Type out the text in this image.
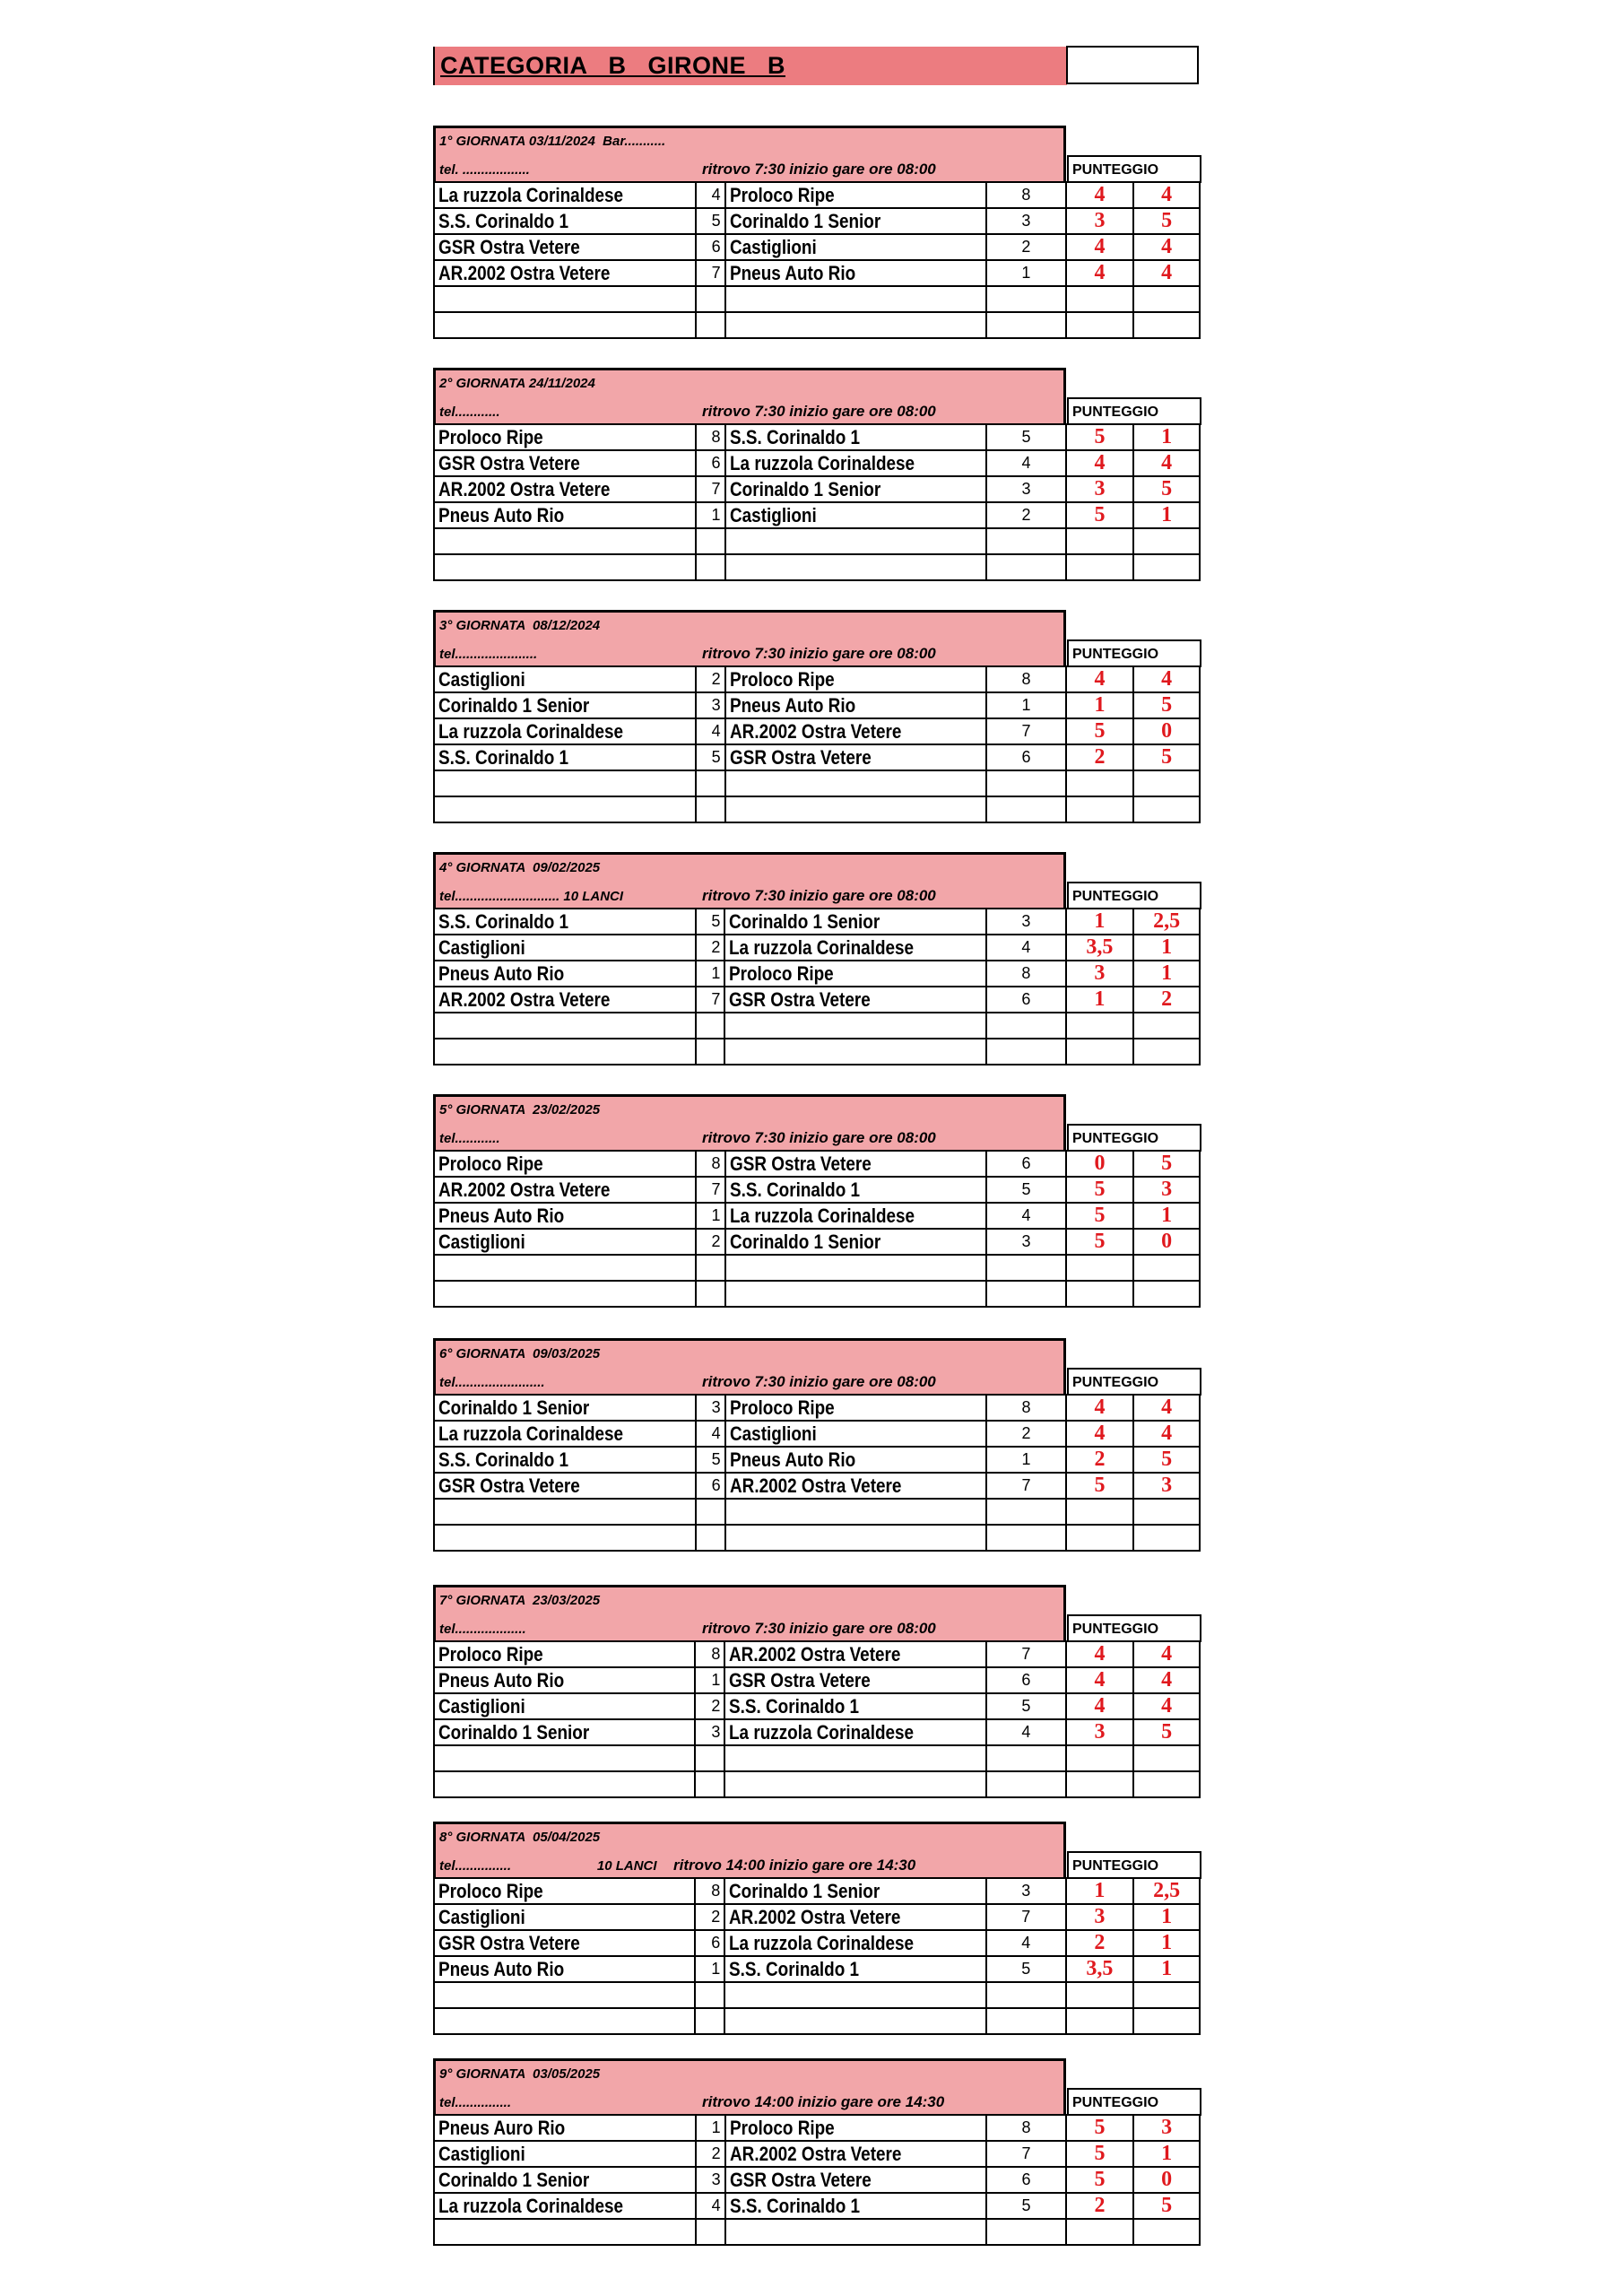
CATEGORIA   B   GIRONE   B
1° GIORNATA 03/11/2024  Bar...........
tel. ..................	ritrovo 7:30 inizio gare ore 08:00	PUNTEGGIO
La ruzzola Corinaldese	4	Proloco Ripe	8	4	4
S.S. Corinaldo 1	5	Corinaldo 1 Senior	3	3	5
GSR Ostra Vetere	6	Castiglioni	2	4	4
AR.2002 Ostra Vetere	7	Pneus Auto Rio	1	4	4

2° GIORNATA 24/11/2024
tel............	ritrovo 7:30 inizio gare ore 08:00	PUNTEGGIO
Proloco Ripe	8	S.S. Corinaldo 1	5	5	1
GSR Ostra Vetere	6	La ruzzola Corinaldese	4	4	4
AR.2002 Ostra Vetere	7	Corinaldo 1 Senior	3	3	5
Pneus Auto Rio	1	Castiglioni	2	5	1

3° GIORNATA  08/12/2024
tel......................	ritrovo 7:30 inizio gare ore 08:00	PUNTEGGIO
Castiglioni	2	Proloco Ripe	8	4	4
Corinaldo 1 Senior	3	Pneus Auto Rio	1	1	5
La ruzzola Corinaldese	4	AR.2002 Ostra Vetere	7	5	0
S.S. Corinaldo 1	5	GSR Ostra Vetere	6	2	5

4° GIORNATA  09/02/2025
tel............................ 10 LANCI	ritrovo 7:30 inizio gare ore 08:00	PUNTEGGIO
S.S. Corinaldo 1	5	Corinaldo 1 Senior	3	1	2,5
Castiglioni	2	La ruzzola Corinaldese	4	3,5	1
Pneus Auto Rio	1	Proloco Ripe	8	3	1
AR.2002 Ostra Vetere	7	GSR Ostra Vetere	6	1	2

5° GIORNATA  23/02/2025
tel............	ritrovo 7:30 inizio gare ore 08:00	PUNTEGGIO
Proloco Ripe	8	GSR Ostra Vetere	6	0	5
AR.2002 Ostra Vetere	7	S.S. Corinaldo 1	5	5	3
Pneus Auto Rio	1	La ruzzola Corinaldese	4	5	1
Castiglioni	2	Corinaldo 1 Senior	3	5	0

6° GIORNATA  09/03/2025
tel........................	ritrovo 7:30 inizio gare ore 08:00	PUNTEGGIO
Corinaldo 1 Senior	3	Proloco Ripe	8	4	4
La ruzzola Corinaldese	4	Castiglioni	2	4	4
S.S. Corinaldo 1	5	Pneus Auto Rio	1	2	5
GSR Ostra Vetere	6	AR.2002 Ostra Vetere	7	5	3

7° GIORNATA  23/03/2025
tel...................	ritrovo 7:30 inizio gare ore 08:00	PUNTEGGIO
Proloco Ripe	8	AR.2002 Ostra Vetere	7	4	4
Pneus Auto Rio	1	GSR Ostra Vetere	6	4	4
Castiglioni	2	S.S. Corinaldo 1	5	4	4
Corinaldo 1 Senior	3	La ruzzola Corinaldese	4	3	5

8° GIORNATA  05/04/2025
tel...............                       10 LANCI ritrovo 14:00 inizio gare ore 14:30	PUNTEGGIO
Proloco Ripe	8	Corinaldo 1 Senior	3	1	2,5
Castiglioni	2	AR.2002 Ostra Vetere	7	3	1
GSR Ostra Vetere	6	La ruzzola Corinaldese	4	2	1
Pneus Auto Rio	1	S.S. Corinaldo 1	5	3,5	1

9° GIORNATA  03/05/2025
tel...............	ritrovo 14:00 inizio gare ore 14:30	PUNTEGGIO
Pneus Auro Rio	1	Proloco Ripe	8	5	3
Castiglioni	2	AR.2002 Ostra Vetere	7	5	1
Corinaldo 1 Senior	3	GSR Ostra Vetere	6	5	0
La ruzzola Corinaldese	4	S.S. Corinaldo 1	5	2	5
